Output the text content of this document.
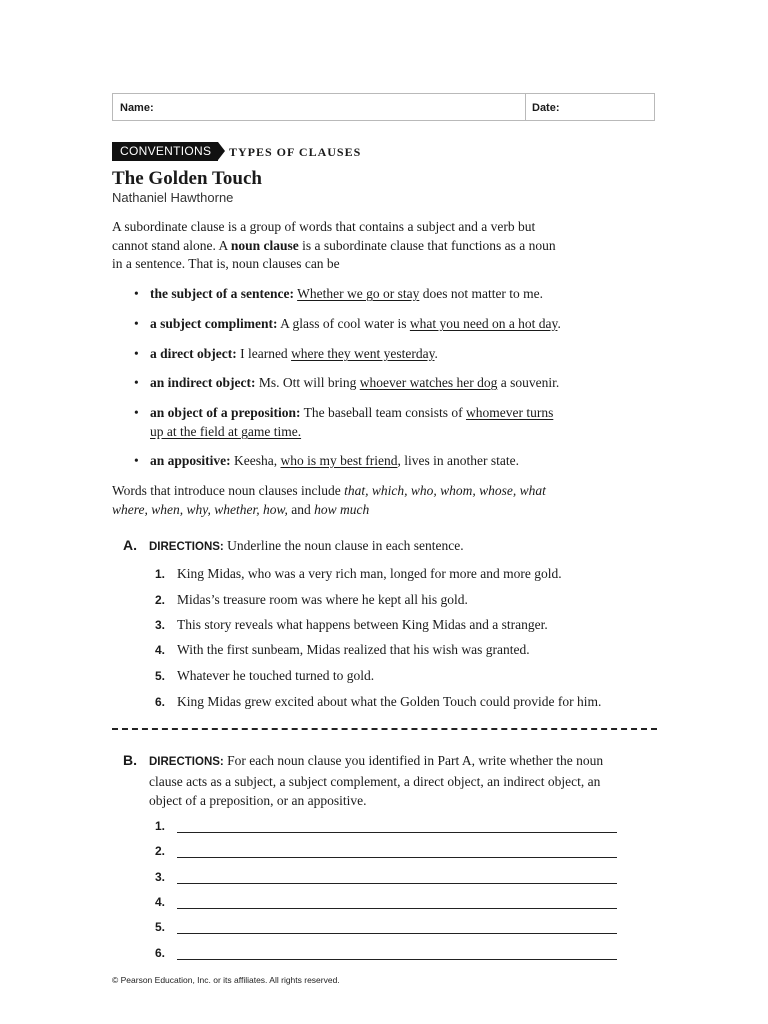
Name:	Date:
CONVENTIONS	TYPES OF CLAUSES
The Golden Touch
Nathaniel Hawthorne
A subordinate clause is a group of words that contains a subject and a verb but
cannot stand alone. A noun clause is a subordinate clause that functions as a noun
in a sentence. That is, noun clauses can be
• the subject of a sentence: Whether we go or stay does not matter to me.
• a subject compliment: A glass of cool water is what you need on a hot day.
• a direct object: I learned where they went yesterday.
• an indirect object: Ms. Ott will bring whoever watches her dog a souvenir.
• an object of a preposition: The baseball team consists of whomever turns
up at the field at game time.
• an appositive: Keesha, who is my best friend, lives in another state.
Words that introduce noun clauses include that, which, who, whom, whose, what
where, when, why, whether, how, and how much
A. DIRECTIONS: Underline the noun clause in each sentence.
1. King Midas, who was a very rich man, longed for more and more gold.
2. Midas’s treasure room was where he kept all his gold.
3. This story reveals what happens between King Midas and a stranger.
4. With the first sunbeam, Midas realized that his wish was granted.
5. Whatever he touched turned to gold.
6. King Midas grew excited about what the Golden Touch could provide for him.
B. DIRECTIONS: For each noun clause you identified in Part A, write whether the noun
clause acts as a subject, a subject complement, a direct object, an indirect object, an
object of a preposition, or an appositive.
1.
2.
3.
4.
5.
6.
© Pearson Education, Inc. or its affiliates. All rights reserved.
